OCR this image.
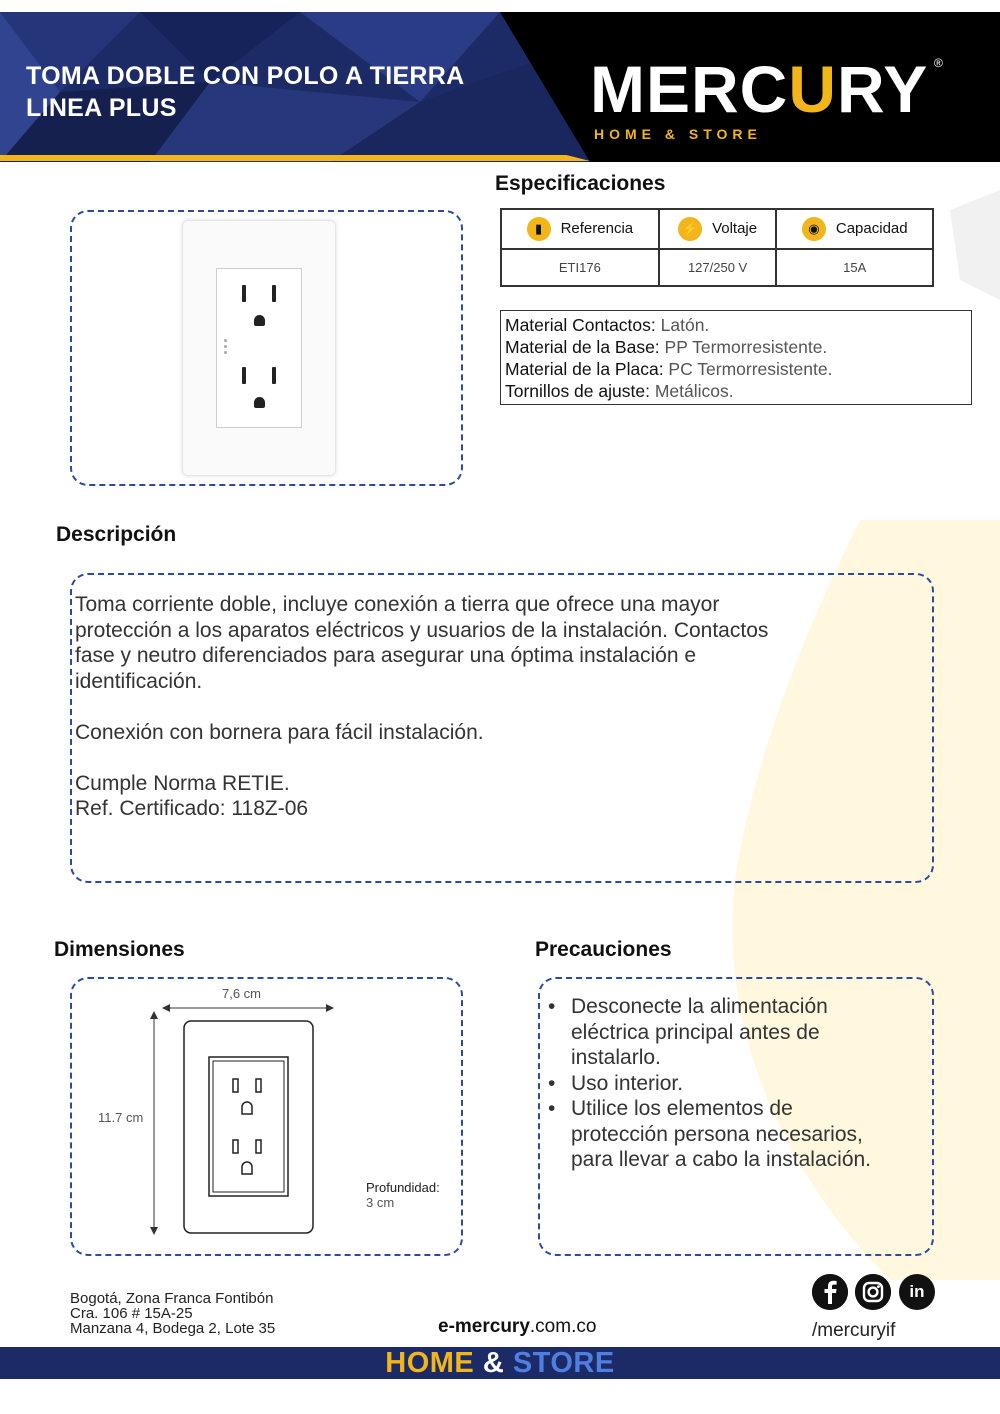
TOMA DOBLE CON POLO A TIERRA
LINEA PLUS	MERCURY ®
HOME & STORE
Especificaciones
▮ Referencia	⚡ Voltaje	◉ Capacidad
ETI176	127/250 V	15A
Material Contactos: Latón.
Material de la Base: PP Termorresistente.
Material de la Placa: PC Termorresistente.
Tornillos de ajuste: Metálicos.
Descripción

Toma corriente doble, incluye conexión a tierra que ofrece una mayor
protección a los aparatos eléctricos y usuarios de la instalación. Contactos
fase y neutro diferenciados para asegurar una óptima instalación e
identificación.

Conexión con bornera para fácil instalación.

Cumple Norma RETIE.
Ref. Certificado: 118Z-06

Dimensiones
7,6 cm
11.7 cm
Profundidad:
3 cm
Precauciones
• Desconecte la alimentación
eléctrica principal antes de
instalarlo.
• Uso interior.
• Utilice los elementos de
protección persona necesarios,
para llevar a cabo la instalación.
Bogotá, Zona Franca Fontibón
Cra. 106 # 15A-25
Manzana 4, Bodega 2, Lote 35	e-mercury.com.co
in
/mercuryif
HOME & STORE
